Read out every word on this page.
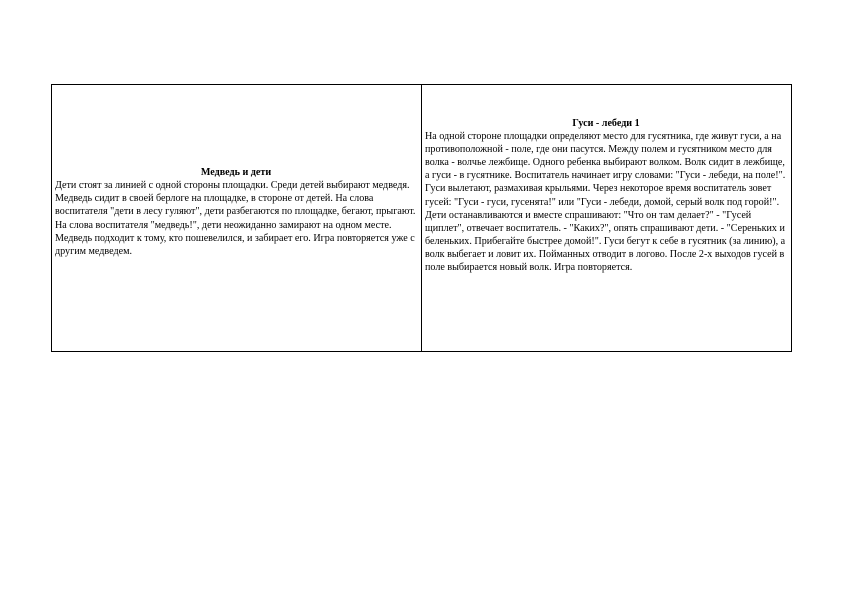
Медведь и дети
Дети стоят за линией с одной стороны площадки. Среди детей выбирают медведя. Медведь сидит в своей берлоге на площадке, в стороне от детей. На слова воспитателя "дети в лесу гуляют", дети разбегаются по площадке, бегают, прыгают. На слова воспитателя "медведь!", дети неожиданно замирают на одном месте. Медведь подходит к тому, кто пошевелился, и забирает его. Игра повторяется уже с другим медведем.

Гуси - лебеди 1
На одной стороне площадки определяют место для гусятника, где живут гуси, а на противоположной - поле, где они пасутся. Между полем и гусятником место для волка - волчье лежбище. Одного ребенка выбирают волком. Волк сидит в лежбище, а гуси - в гусятнике. Воспитатель начинает игру словами: "Гуси - лебеди, на поле!". Гуси вылетают, размахивая крыльями. Через некоторое время воспитатель зовет гусей: "Гуси - гуси, гусенята!" или "Гуси - лебеди, домой, серый волк под горой!". Дети останавливаются и вместе спрашивают: "Что он там делает?" - "Гусей щиплет", отвечает воспитатель. - "Каких?", опять спрашивают дети. - "Сереньких и беленьких. Прибегайте быстрее домой!". Гуси бегут к себе в гусятник (за линию), а волк выбегает и ловит их. Пойманных отводит в логово. После 2-х выходов гусей в поле выбирается новый волк. Игра повторяется.
